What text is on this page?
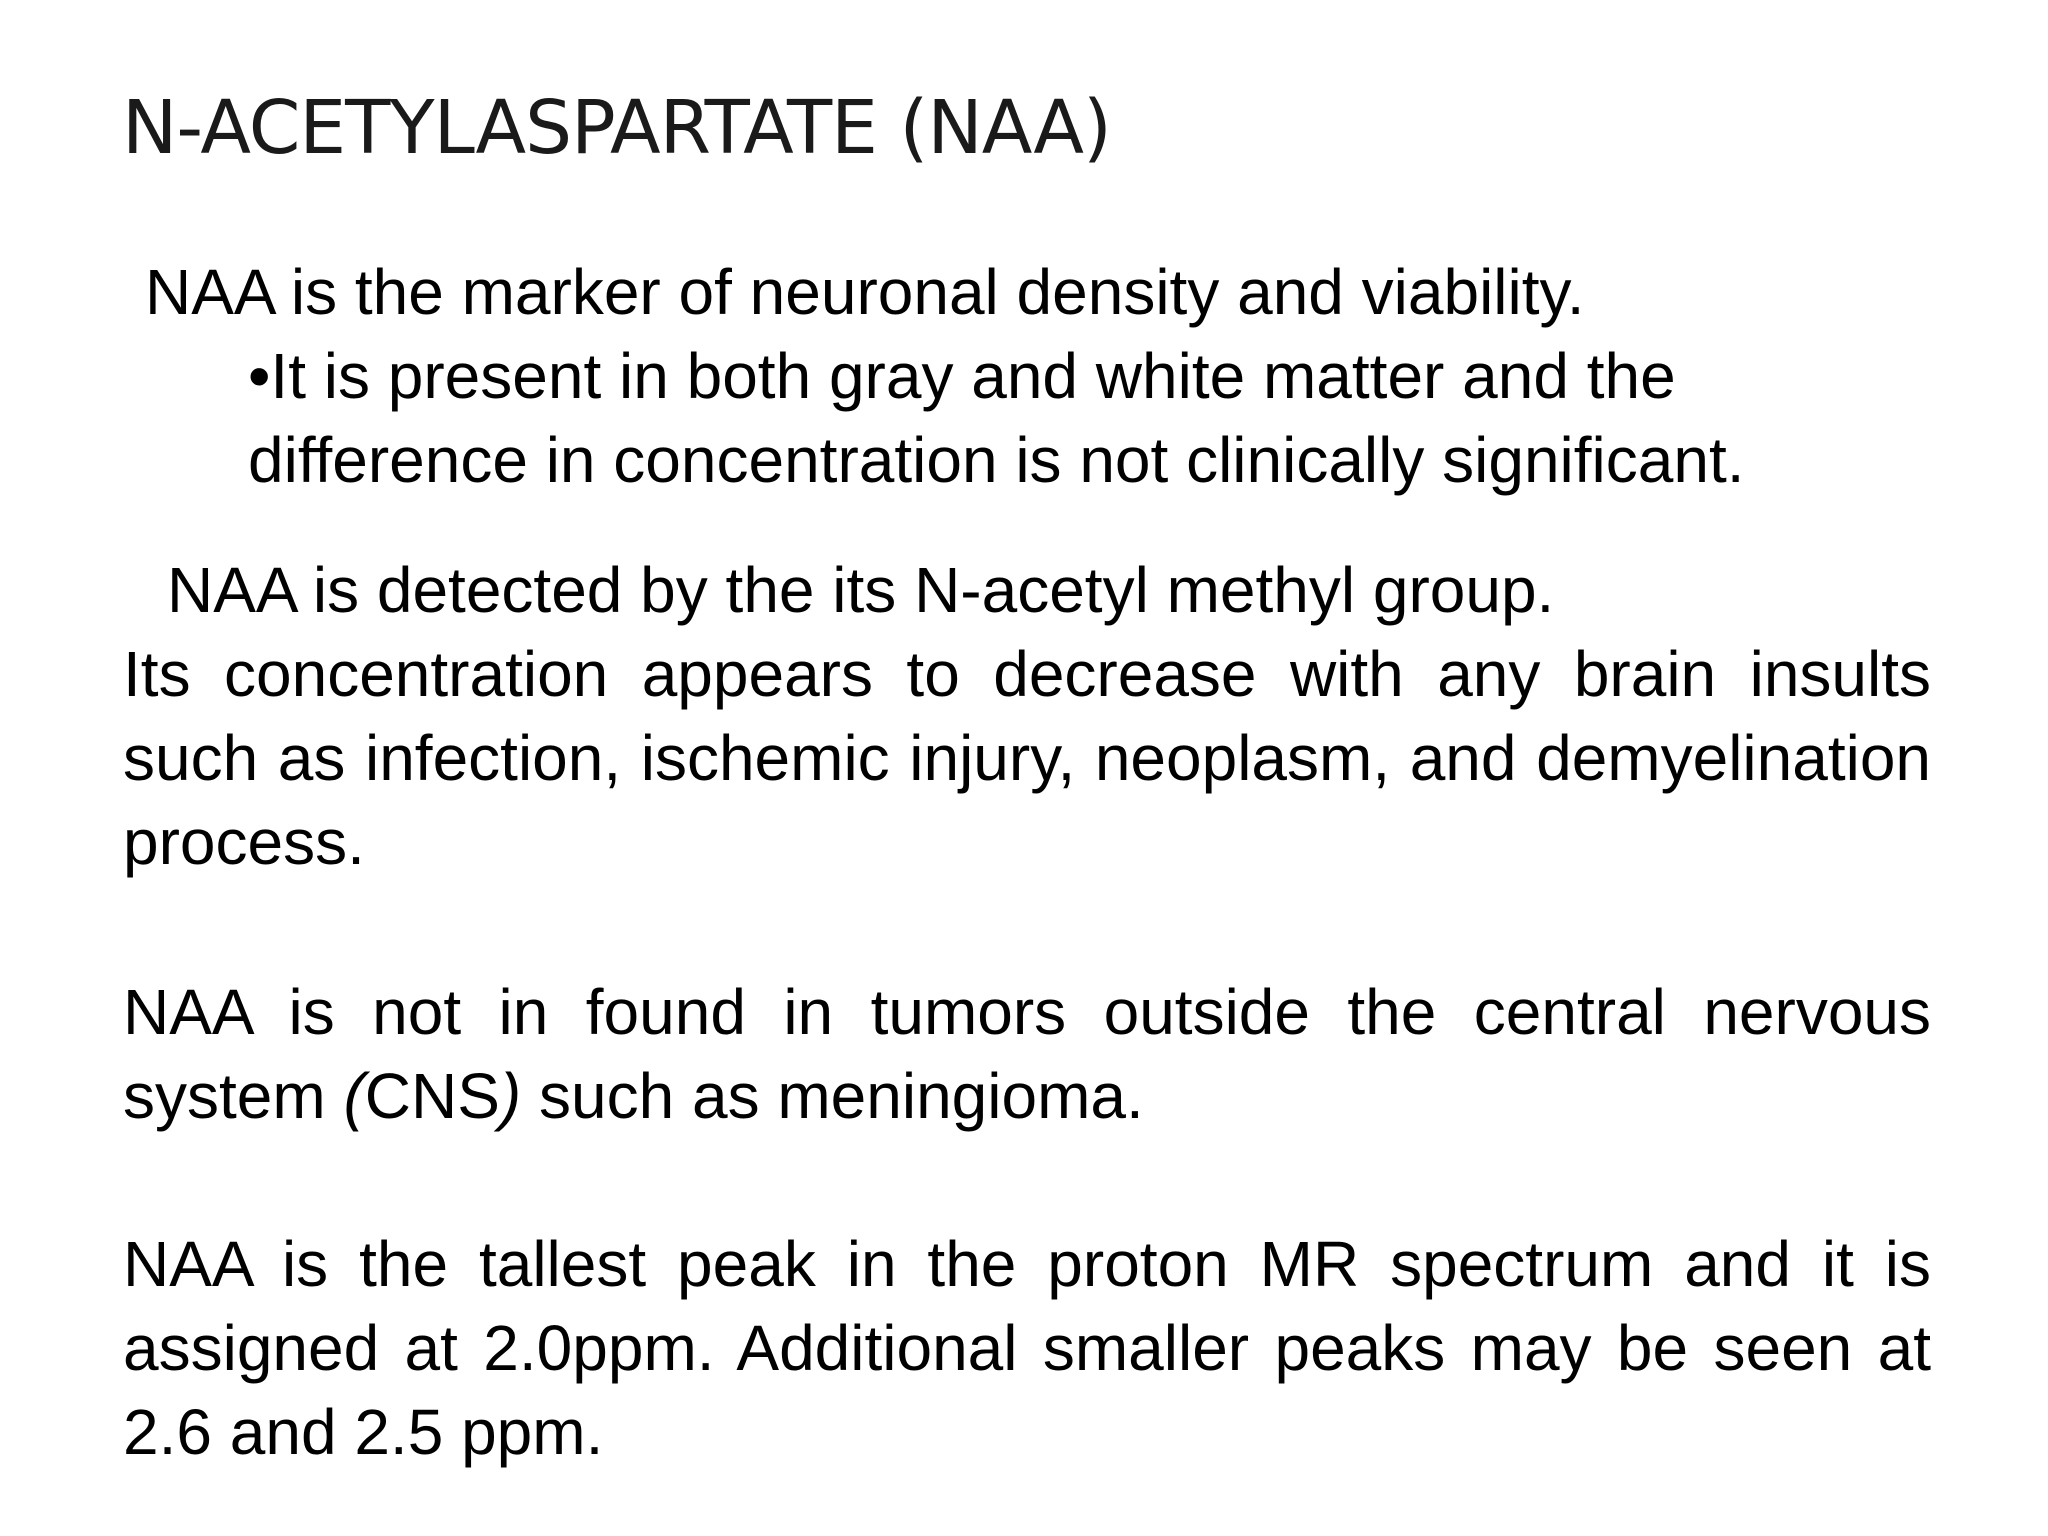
N-ACETYLASPARTATE (NAA)

NAA is the marker of neuronal density and viability.

•It is present in both gray and white matter and the
difference in concentration is not clinically significant.

NAA is detected by the its N-acetyl methyl group.

Its concentration appears to decrease with any brain insults such as infection, ischemic injury, neoplasm, and demyelination process.

NAA is not in found in tumors outside the central nervous system (CNS) such as meningioma.

NAA is the tallest peak in the proton MR spectrum and it is assigned at 2.0ppm. Additional smaller peaks may be seen at 2.6 and 2.5 ppm.
